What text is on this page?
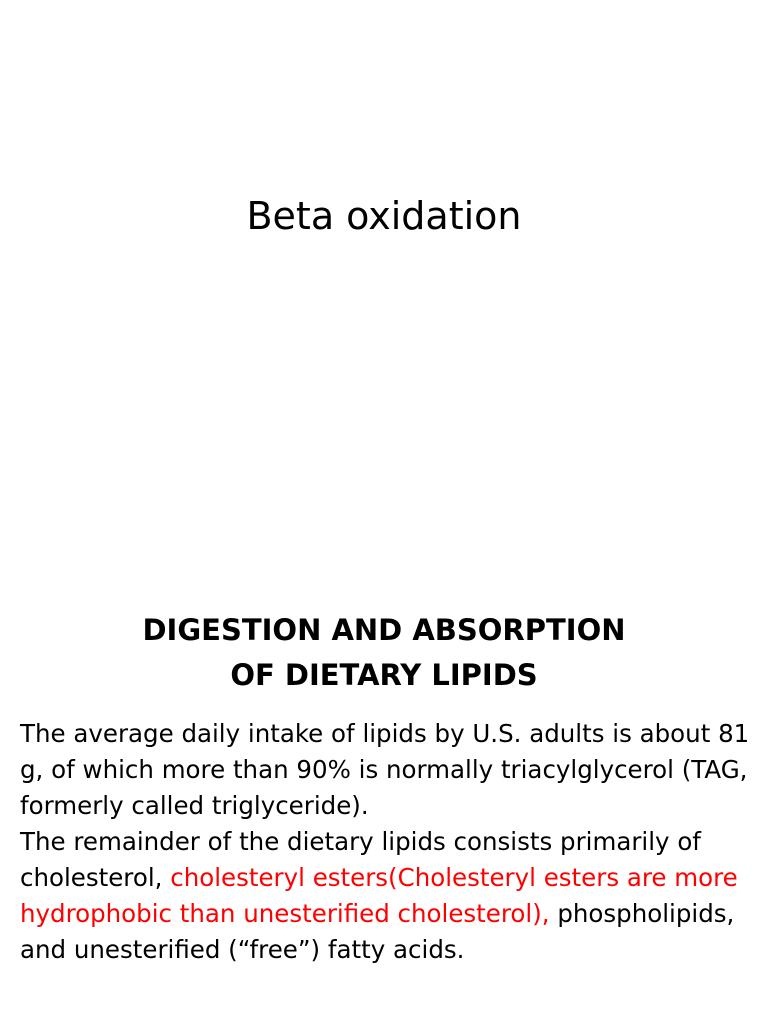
Beta oxidation
DIGESTION AND ABSORPTION
OF DIETARY LIPIDS

The average daily intake of lipids by U.S. adults is about 81 g, of which more than 90% is normally triacylglycerol (TAG, formerly called triglyceride).

The remainder of the dietary lipids consists primarily of cholesterol, cholesteryl esters(Cholesteryl esters are more hydrophobic than unesterified cholesterol), phospholipids, and unesterified (“free”) fatty acids.
